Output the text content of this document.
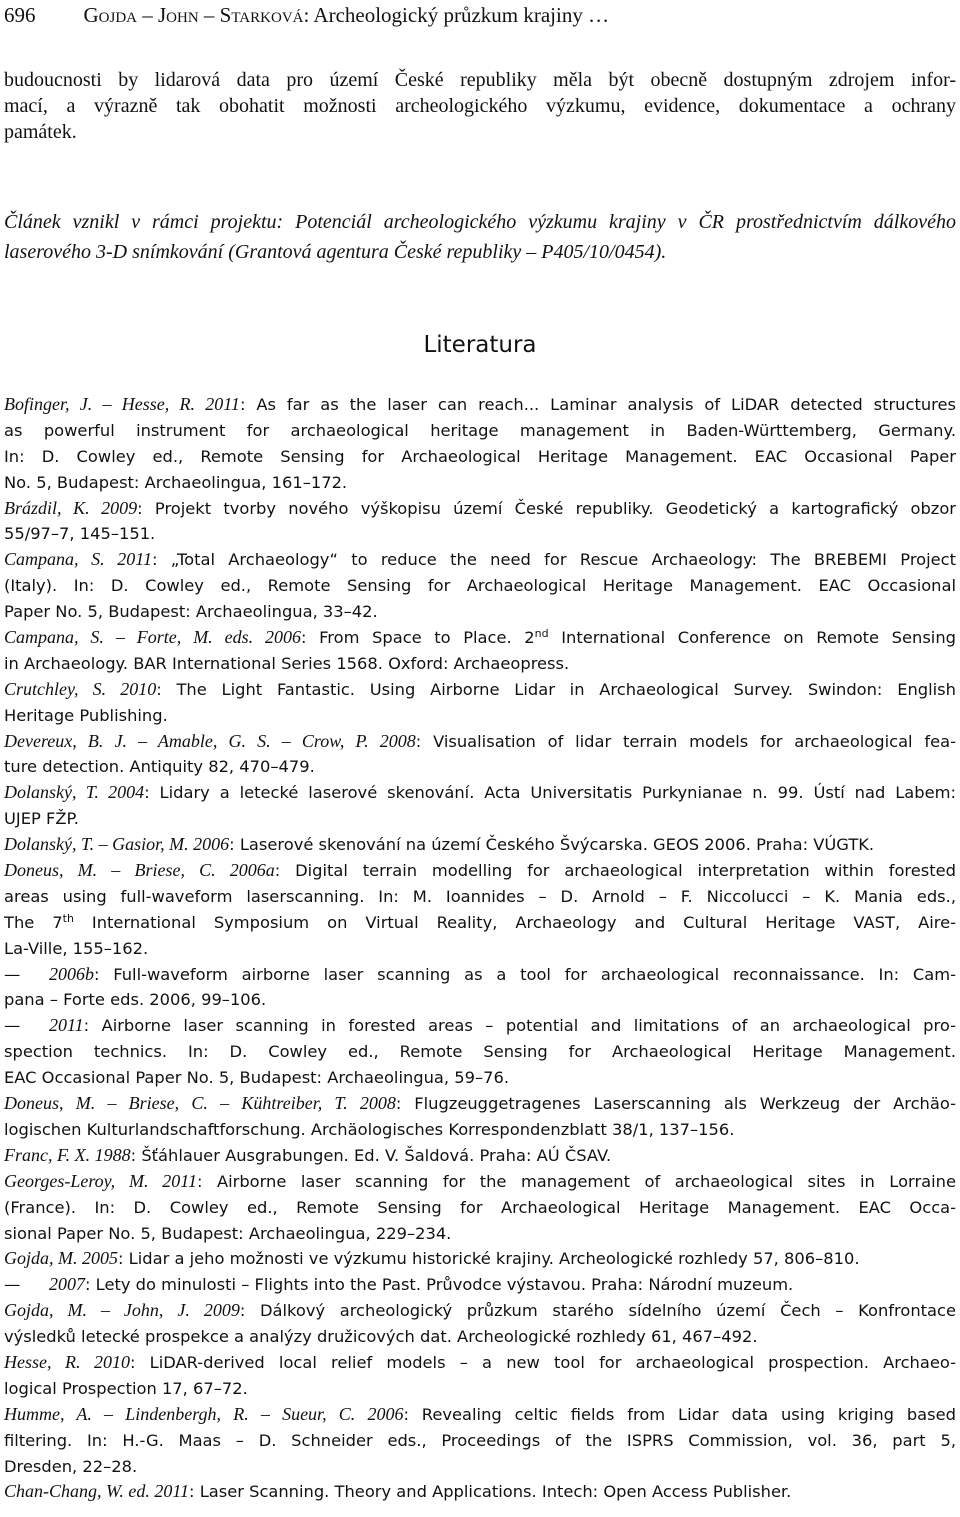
696 Gojda – John – Starková: Archeologický průzkum krajiny …
budoucnosti by lidarová data pro území České republiky měla být obecně dostupným zdrojem infor-
mací, a výrazně tak obohatit možnosti archeologického výzkumu, evidence, dokumentace a ochrany
památek.
Článek vznikl v rámci projektu: Potenciál archeologického výzkumu krajiny v ČR prostřednictvím dálkového
laserového 3-D snímkování (Grantová agentura České republiky – P405/10/0454).
Literatura
Bofinger, J. – Hesse, R. 2011: As far as the laser can reach... Laminar analysis of LiDAR detected structures
as powerful instrument for archaeological heritage management in Baden-Württemberg, Germany.
In: D. Cowley ed., Remote Sensing for Archaeological Heritage Management. EAC Occasional Paper
No. 5, Budapest: Archaeolingua, 161–172.
Brázdil, K. 2009: Projekt tvorby nového výškopisu území České republiky. Geodetický a kartografický obzor
55/97–7, 145–151.
Campana, S. 2011: „Total Archaeology“ to reduce the need for Rescue Archaeology: The BREBEMI Project
(Italy). In: D. Cowley ed., Remote Sensing for Archaeological Heritage Management. EAC Occasional
Paper No. 5, Budapest: Archaeolingua, 33–42.
Campana, S. – Forte, M. eds. 2006: From Space to Place. 2nd International Conference on Remote Sensing
in Archaeology. BAR International Series 1568. Oxford: Archaeopress.
Crutchley, S. 2010: The Light Fantastic. Using Airborne Lidar in Archaeological Survey. Swindon: English
Heritage Publishing.
Devereux, B. J. – Amable, G. S. – Crow, P. 2008: Visualisation of lidar terrain models for archaeological fea-
ture detection. Antiquity 82, 470–479.
Dolanský, T. 2004: Lidary a letecké laserové skenování. Acta Universitatis Purkynianae n. 99. Ústí nad Labem:
UJEP FŽP.
Dolanský, T. – Gasior, M. 2006: Laserové skenování na území Českého Švýcarska. GEOS 2006. Praha: VÚGTK.
Doneus, M. – Briese, C. 2006a: Digital terrain modelling for archaeological interpretation within forested
areas using full-waveform laserscanning. In: M. Ioannides – D. Arnold – F. Niccolucci – K. Mania eds.,
The 7th International Symposium on Virtual Reality, Archaeology and Cultural Heritage VAST, Aire-
La-Ville, 155–162.
— 2006b: Full-waveform airborne laser scanning as a tool for archaeological reconnaissance. In: Cam-
pana – Forte eds. 2006, 99–106.
— 2011: Airborne laser scanning in forested areas – potential and limitations of an archaeological pro-
spection technics. In: D. Cowley ed., Remote Sensing for Archaeological Heritage Management.
EAC Occasional Paper No. 5, Budapest: Archaeolingua, 59–76.
Doneus, M. – Briese, C. – Kühtreiber, T. 2008: Flugzeuggetragenes Laserscanning als Werkzeug der Archäo-
logischen Kulturlandschaftforschung. Archäologisches Korrespondenzblatt 38/1, 137–156.
Franc, F. X. 1988: Šťáhlauer Ausgrabungen. Ed. V. Šaldová. Praha: AÚ ČSAV.
Georges-Leroy, M. 2011: Airborne laser scanning for the management of archaeological sites in Lorraine
(France). In: D. Cowley ed., Remote Sensing for Archaeological Heritage Management. EAC Occa-
sional Paper No. 5, Budapest: Archaeolingua, 229–234.
Gojda, M. 2005: Lidar a jeho možnosti ve výzkumu historické krajiny. Archeologické rozhledy 57, 806–810.
— 2007: Lety do minulosti – Flights into the Past. Průvodce výstavou. Praha: Národní muzeum.
Gojda, M. – John, J. 2009: Dálkový archeologický průzkum starého sídelního území Čech – Konfrontace
výsledků letecké prospekce a analýzy družicových dat. Archeologické rozhledy 61, 467–492.
Hesse, R. 2010: LiDAR-derived local relief models – a new tool for archaeological prospection. Archaeo-
logical Prospection 17, 67–72.
Humme, A. – Lindenbergh, R. – Sueur, C. 2006: Revealing celtic fields from Lidar data using kriging based
filtering. In: H.-G. Maas – D. Schneider eds., Proceedings of the ISPRS Commission, vol. 36, part 5,
Dresden, 22–28.
Chan-Chang, W. ed. 2011: Laser Scanning. Theory and Applications. Intech: Open Access Publisher.
